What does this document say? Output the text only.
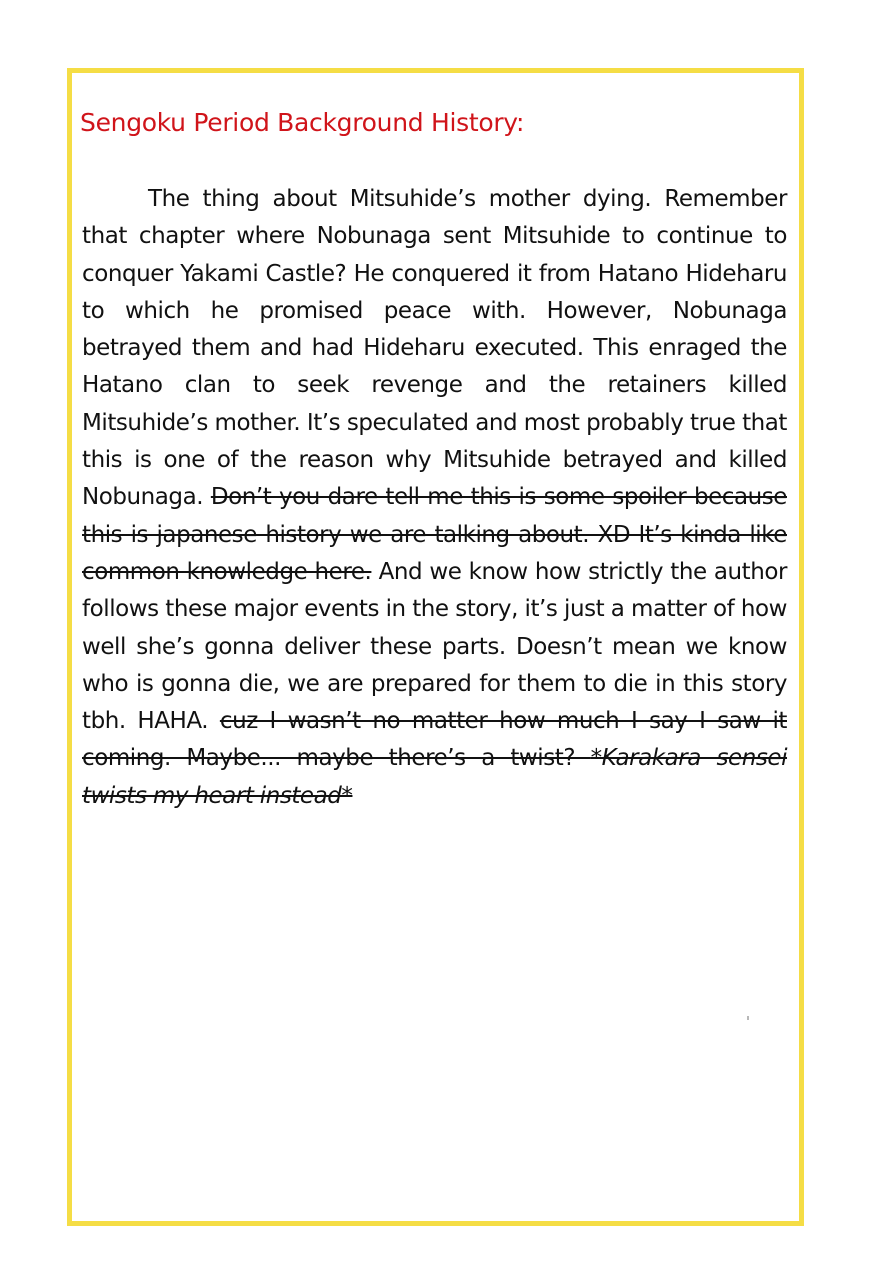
Sengoku Period Background History:

The thing about Mitsuhide’s mother dying. Remember that chapter where Nobunaga sent Mitsuhide to continue to conquer Yakami Castle? He conquered it from Hatano Hideharu to which he promised peace with. However, Nobunaga betrayed them and had Hideharu executed. This enraged the Hatano clan to seek revenge and the retainers killed Mitsuhide’s mother. It’s speculated and most probably true that this is one of the reason why Mitsuhide betrayed and killed Nobunaga. Don’t you dare tell me this is some spoiler because this is japanese history we are talking about. XD It’s kinda like common knowledge here. And we know how strictly the author follows these major events in the story, it’s just a matter of how well she’s gonna deliver these parts. Doesn’t mean we know who is gonna die, we are prepared for them to die in this story tbh. HAHA. cuz I wasn’t no matter how much I say I saw it coming. Maybe... maybe there’s a twist? *Karakara sensei twists my heart instead*
